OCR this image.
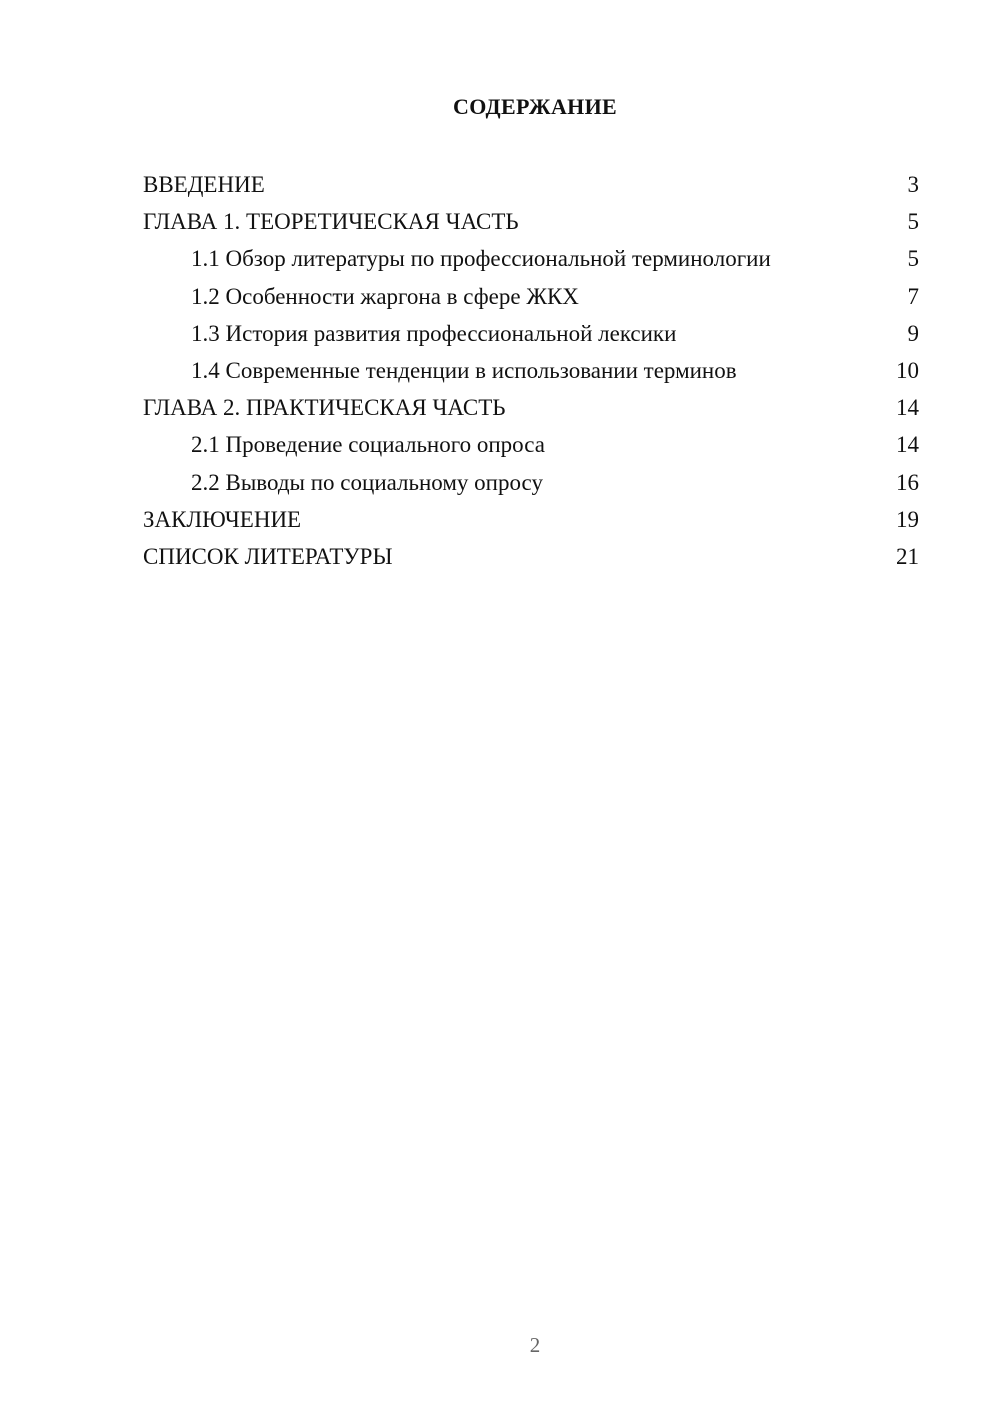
СОДЕРЖАНИЕ
ВВЕДЕНИЕ	3
ГЛАВА 1. ТЕОРЕТИЧЕСКАЯ ЧАСТЬ	5
1.1 Обзор литературы по профессиональной терминологии	5
1.2 Особенности жаргона в сфере ЖКХ	7
1.3 История развития профессиональной лексики	9
1.4 Современные тенденции в использовании терминов	10
ГЛАВА 2. ПРАКТИЧЕСКАЯ ЧАСТЬ	14
2.1 Проведение социального опроса	14
2.2 Выводы по социальному опросу	16
ЗАКЛЮЧЕНИЕ	19
СПИСОК ЛИТЕРАТУРЫ	21
2
